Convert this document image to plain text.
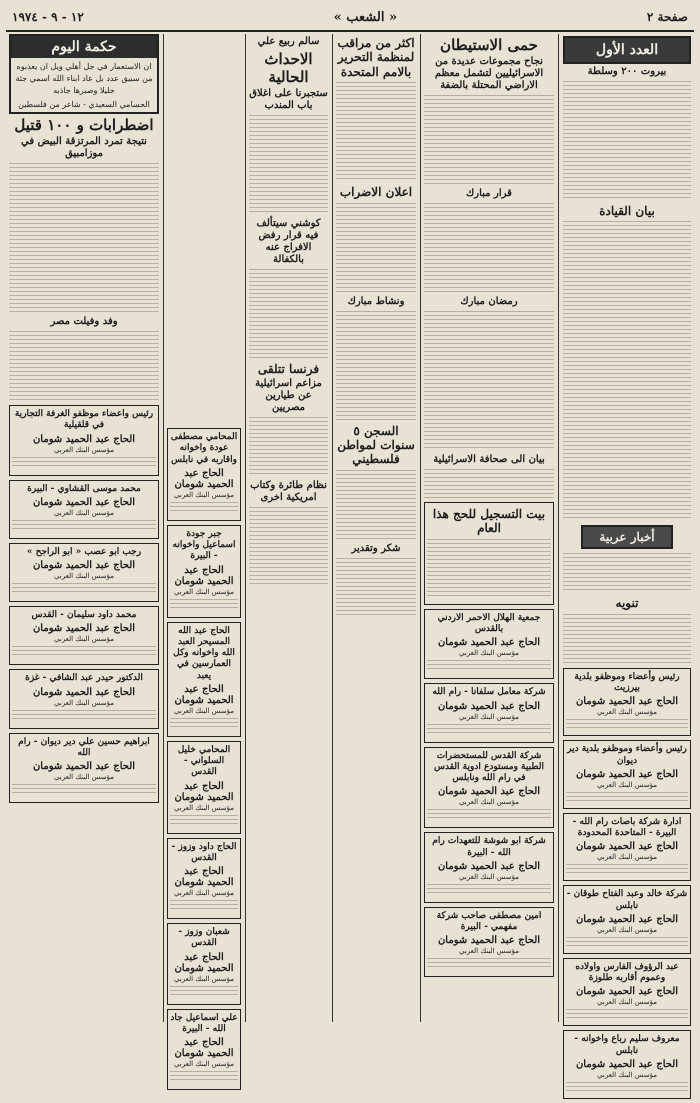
صفحة ٢
« الشعب »
١٢ - ٩ - ١٩٧٤
العدد الأول
بيروت ٢٠٠ وسلطة
بيان القيادة
أخبار عربية
تنويه
رئيس وأعضاء وموظفو بلدية بيرزيت
الحاج عبد الحميد شومان
مؤسس البنك العربي
رئيس وأعضاء وموظفو بلدية دير ديوان
الحاج عبد الحميد شومان
مؤسس البنك العربي
ادارة شركة باصات رام الله - البيرة - المتاحدة المحدودة
الحاج عبد الحميد شومان
مؤسس البنك العربي
شركة خالد وعبد الفتاح طوقان - نابلس
الحاج عبد الحميد شومان
مؤسس البنك العربي
عبد الرؤوف الفارس واولاده وعموم أقاربه طلوزة
الحاج عبد الحميد شومان
مؤسس البنك العربي
معروف سليم رباع واخوانه - نابلس
الحاج عبد الحميد شومان
مؤسس البنك العربي
حمى الاستيطان
نجاح مجموعات عديدة من الاسرائيليين لتشمل معظم الاراضي المحتلة بالضفة
قرار مبارك
رمضان مبارك
بيان الى صحافة الاسرائيلية
بيت التسجيل للحج هذا العام
جمعية الهلال الاحمر الاردني بالقدس
الحاج عبد الحميد شومان
مؤسس البنك العربي
شركة معامل سلفانا - رام الله
الحاج عبد الحميد شومان
مؤسس البنك العربي
شركة القدس للمستحضرات الطبية ومستودع ادوية القدس في رام الله ونابلس
الحاج عبد الحميد شومان
مؤسس البنك العربي
شركة ابو شوشة للتعهدات رام الله - البيرة
الحاج عبد الحميد شومان
مؤسس البنك العربي
امين مصطفى صاحب شركة مفهمي - البيرة
الحاج عبد الحميد شومان
مؤسس البنك العربي
اكثر من مراقب لمنظمة التحرير بالامم المتحدة
اعلان الاضراب
ونشاط مبارك
السجن ٥ سنوات لمواطن فلسطيني
شكر وتقدير
سالم ربيع علي
الاحداث الحالية
ستجبرنا على اغلاق باب المندب
كوشني سيتألف فيه قرار رفض الافراج عنه بالكفالة
فرنسا تتلقى
مزاعم اسرائيلية عن طيارين مصريين
نظام طائرة وكتاب امريكية اخرى
المحامي مصطفى عودة واخوانه واقاربه في نابلس
الحاج عبد الحميد شومان
مؤسس البنك العربي
جبر جودة اسماعيل واخوانه - البيرة
الحاج عبد الحميد شومان
مؤسس البنك العربي
الحاج عبد الله المسيحر العبد الله واخوانه وكل العمارسين في يعبد
الحاج عبد الحميد شومان
مؤسس البنك العربي
المحامي خليل السلواني - القدس
الحاج عبد الحميد شومان
مؤسس البنك العربي
الحاج داود وزوز - القدس
الحاج عبد الحميد شومان
مؤسس البنك العربي
شعبان وزوز - القدس
الحاج عبد الحميد شومان
مؤسس البنك العربي
علي اسماعيل جاد الله - البيرة
الحاج عبد الحميد شومان
مؤسس البنك العربي
حكمة اليوم
ان الاستعمار في جل أهلي ويل ان يعذبوه من سبيق عدد بل عاد ابناء الله اسمي جئة جليلا وصبرها جاذبه
الحسامي السعيدي - شاعر من فلسطين
اضطرابات و ١٠٠ قتيل
نتيجة تمرد المرتزقة البيض في موزامبيق
وفد وفيلت مصر
رئيس واعضاء موظفو الغرفة التجارية في قلقيلية
الحاج عبد الحميد شومان
مؤسس البنك العربي
محمد موسى القشاوي - البيرة
الحاج عبد الحميد شومان
مؤسس البنك العربي
رجب ابو عصب « ابو الراجح »
الحاج عبد الحميد شومان
مؤسس البنك العربي
محمد داود سليمان - القدس
الحاج عبد الحميد شومان
مؤسس البنك العربي
الدكتور حيدر عبد الشافي - غزة
الحاج عبد الحميد شومان
مؤسس البنك العربي
ابراهيم حسين علي دير ديوان - رام الله
الحاج عبد الحميد شومان
مؤسس البنك العربي
